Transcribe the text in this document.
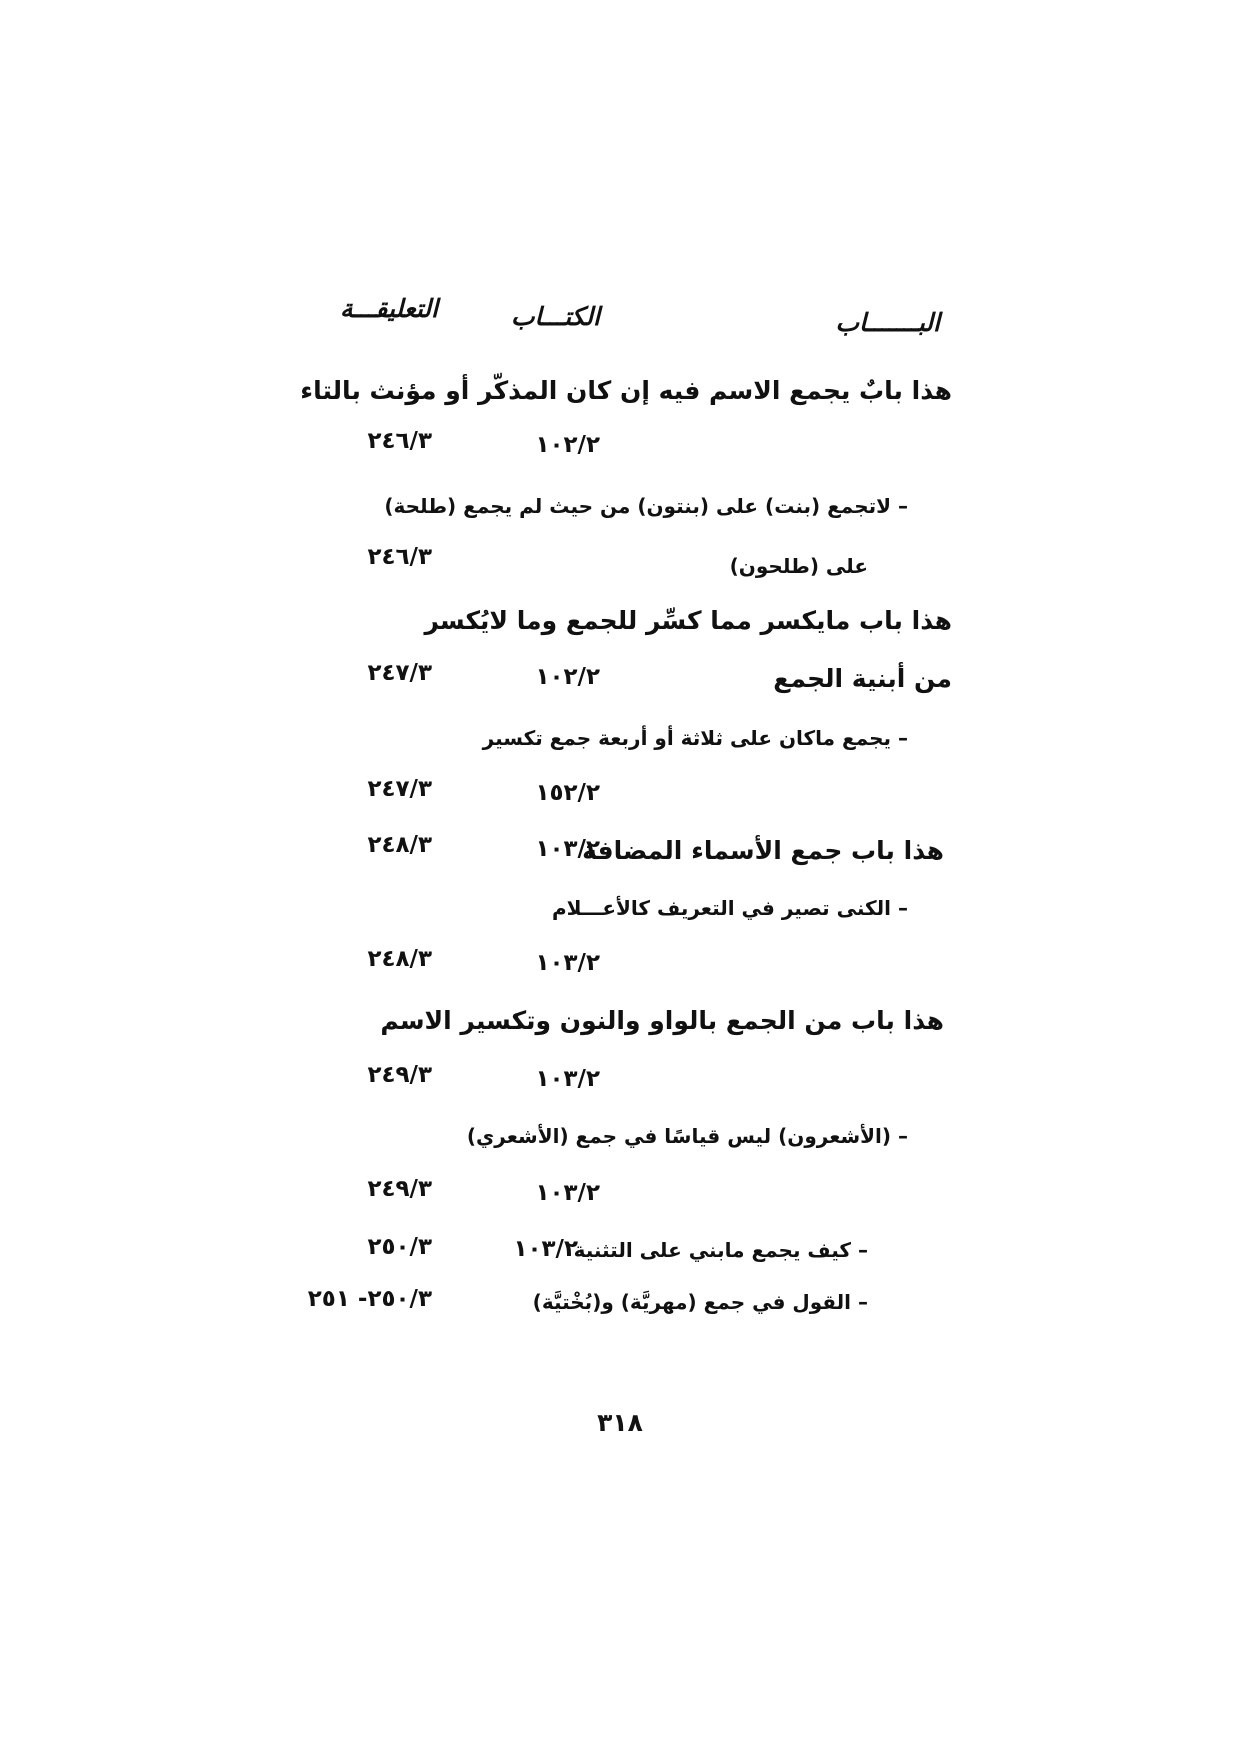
البـــــــاب
الكتـــاب
التعليقـــة
هذا بابٌ يجمع الاسم فيه إن كان المذكّر أو مؤنث بالتاء
١٠٢/٢
٢٤٦/٣
– لاتجمع (بنت) على (بنتون) من حيث لم يجمع (طلحة)
على (طلحون)
٢٤٦/٣
هذا باب مايكسر مما كسِّر للجمع وما لايُكسر
من أبنية الجمع
١٠٢/٢
٢٤٧/٣
– يجمع ماكان على ثلاثة أو أربعة جمع تكسير
١٥٢/٢
٢٤٧/٣
هذا باب جمع الأسماء المضافة
١٠٣/٢
٢٤٨/٣
– الكنى تصير في التعريف كالأعـــلام
١٠٣/٢
٢٤٨/٣
هذا باب من الجمع بالواو والنون وتكسير الاسم
١٠٣/٢
٢٤٩/٣
– (الأشعرون) ليس قياسًا في جمع (الأشعري)
١٠٣/٢
٢٤٩/٣
– كيف يجمع مابني على التثنية
١٠٣/٢
٢٥٠/٣
– القول في جمع (مهريَّة) و(بُخْتيَّة)
٢٥٠/٣- ٢٥١
٣١٨
